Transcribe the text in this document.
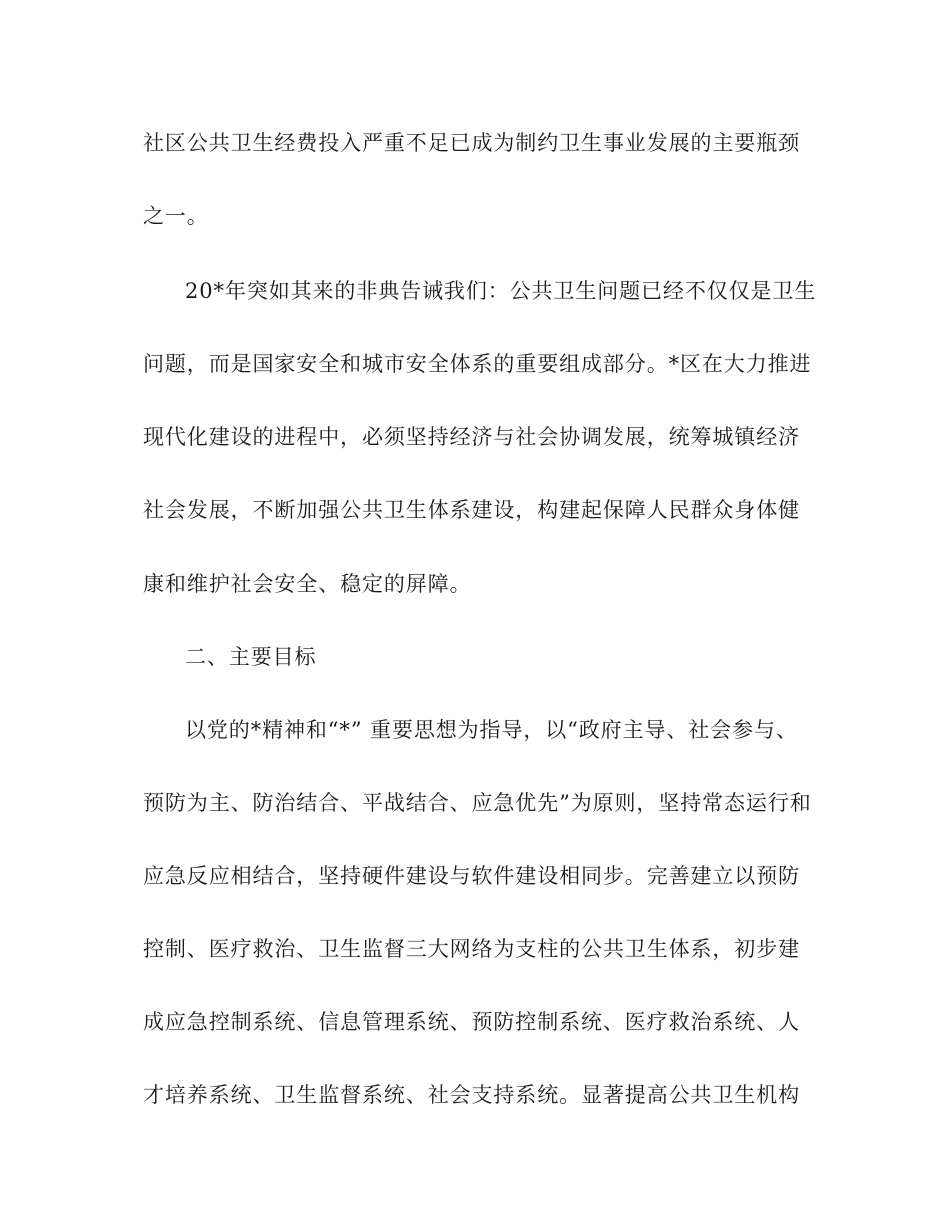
社区公共卫生经费投入严重不足已成为制约卫生事业发展的主要瓶颈
之一。
20*年突如其来的非典告诫我们：公共卫生问题已经不仅仅是卫生
问题，而是国家安全和城市安全体系的重要组成部分。*区在大力推进
现代化建设的进程中，必须坚持经济与社会协调发展，统筹城镇经济
社会发展，不断加强公共卫生体系建设，构建起保障人民群众身体健
康和维护社会安全、稳定的屏障。
二、主要目标
以党的*精神和“*” 重要思想为指导，以“政府主导、社会参与、
预防为主、防治结合、平战结合、应急优先”为原则，坚持常态运行和
应急反应相结合，坚持硬件建设与软件建设相同步。完善建立以预防
控制、医疗救治、卫生监督三大网络为支柱的公共卫生体系，初步建
成应急控制系统、信息管理系统、预防控制系统、医疗救治系统、人
才培养系统、卫生监督系统、社会支持系统。显著提高公共卫生机构
